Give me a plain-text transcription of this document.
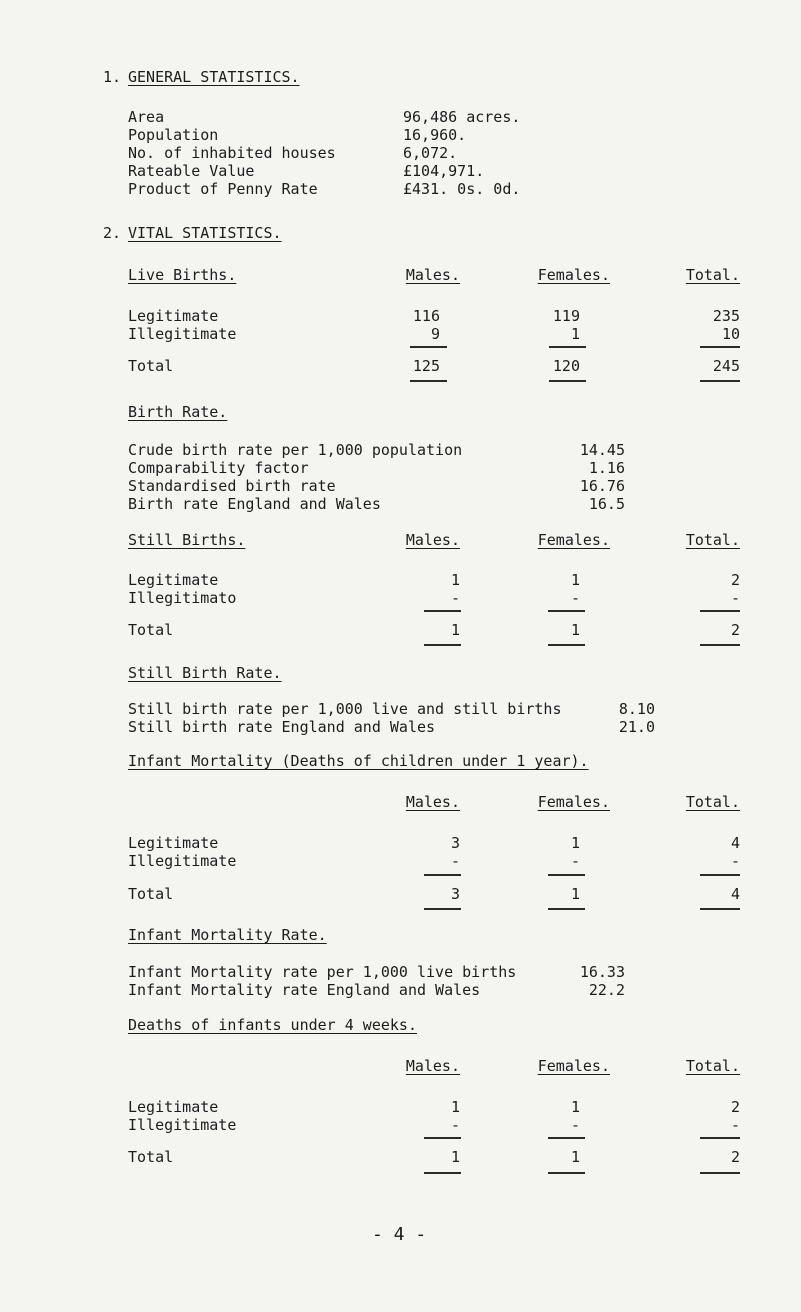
1. GENERAL STATISTICS.
Area	96,486 acres.
Population	16,960.
No. of inhabited houses	6,072.
Rateable Value	£104,971.
Product of Penny Rate	£431. 0s. 0d.
2. VITAL STATISTICS.
Live Births.	Males.	Females.	Total.
Legitimate	116	119	235
Illegitimate	9	1	10
Total	125	120	245
Birth Rate.
Crude birth rate per 1,000 population	14.45
Comparability factor	1.16
Standardised birth rate	16.76
Birth rate England and Wales	16.5
Still Births.	Males.	Females.	Total.
Legitimate	1	1	2
Illegitimato	-	-	-
Total	1	1	2
Still Birth Rate.
Still birth rate per 1,000 live and still births	8.10
Still birth rate England and Wales	21.0
Infant Mortality (Deaths of children under 1 year).
Males.	Females.	Total.
Legitimate	3	1	4
Illegitimate	-	-	-
Total	3	1	4
Infant Mortality Rate.
Infant Mortality rate per 1,000 live births	16.33
Infant Mortality rate England and Wales	22.2
Deaths of infants under 4 weeks.
Males.	Females.	Total.
Legitimate	1	1	2
Illegitimate	-	-	-
Total	1	1	2
- 4 -
